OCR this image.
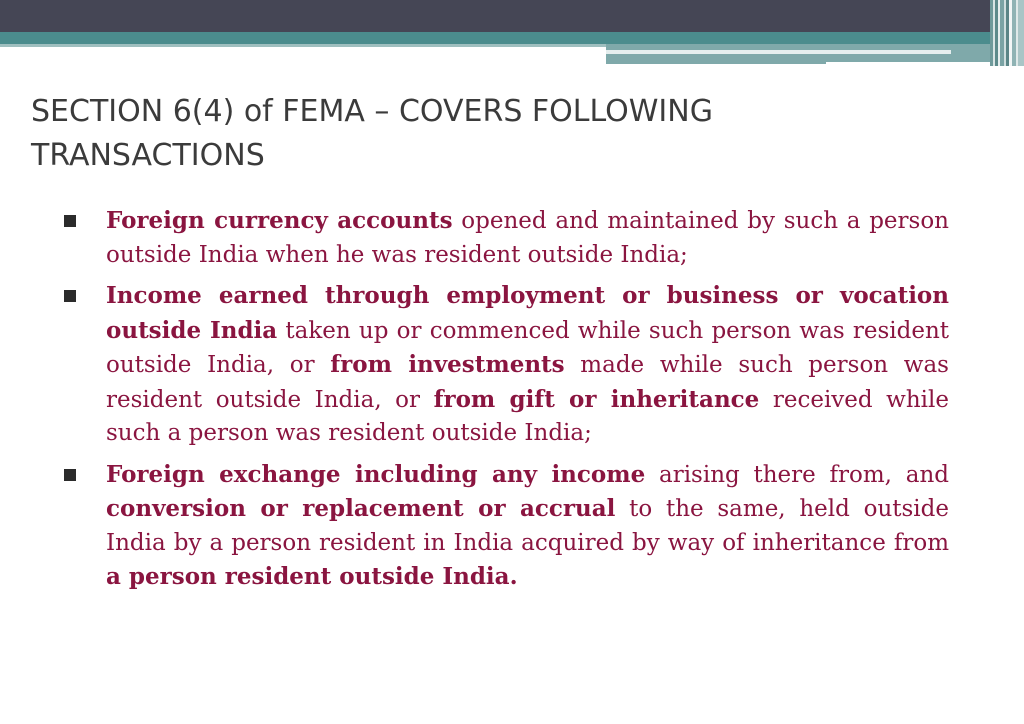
SECTION 6(4) of FEMA – COVERS FOLLOWING
TRANSACTIONS
Foreign currency accounts opened and maintained by such a person outside India when he was resident outside India;
Income earned through employment or business or vocation outside India taken up or commenced while such person was resident outside India, or from investments made while such person was resident outside India, or from gift or inheritance received while such a person was resident outside India;
Foreign exchange including any income arising there from, and conversion or replacement or accrual to the same, held outside India by a person resident in India acquired by way of inheritance from a person resident outside India.
